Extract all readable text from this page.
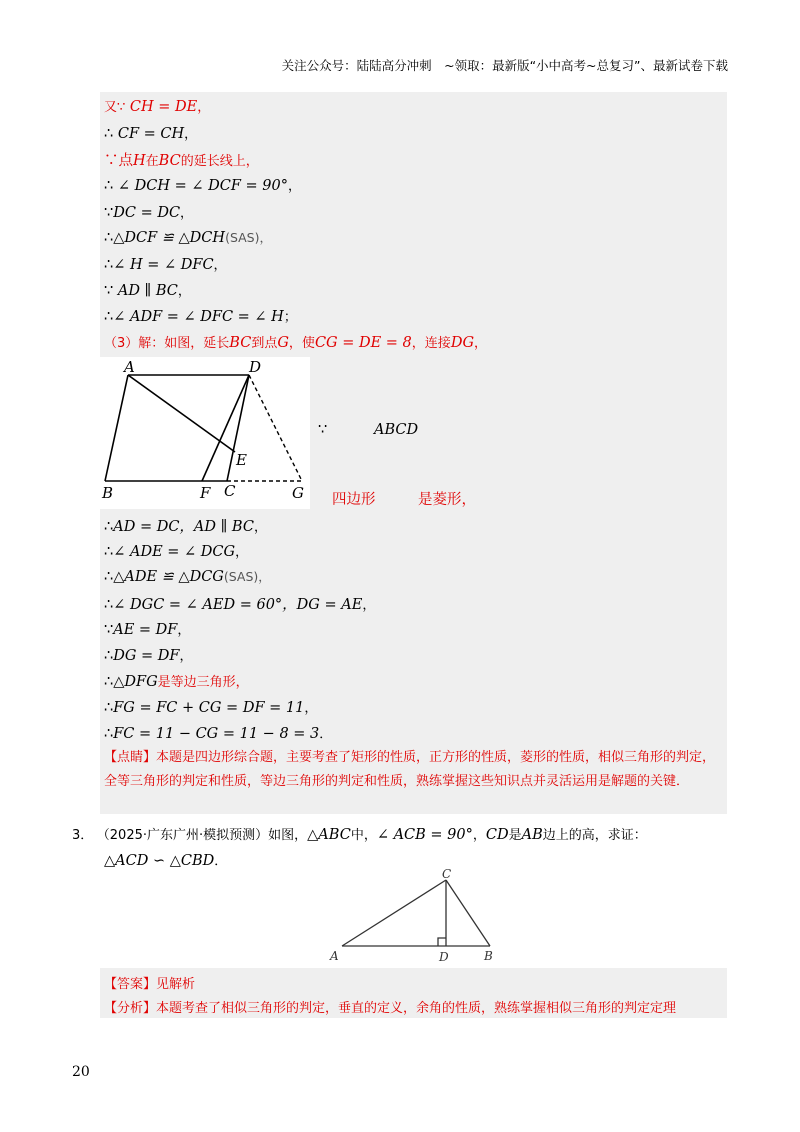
关注公众号：陆陆高分冲刺　~领取：最新版“小中高考~总复习”、最新试卷下载
又∵ CH = DE，
∴ CF = CH，
∵点H在BC的延长线上，
∴ ∠ DCH = ∠ DCF = 90°，
∵DC = DC，
∴△DCF ≌ △DCH(SAS)，
∴∠ H = ∠ DFC，
∵ AD ∥ BC，
∴∠ ADF = ∠ DFC = ∠ H；
（3）解：如图，延长BC到点G，使CG = DE = 8，连接DG，
∵	ABCD
四边形	是菱形，
∴AD = DC，AD ∥ BC，
∴∠ ADE = ∠ DCG，
∴△ADE ≌ △DCG(SAS)，
∴∠ DGC = ∠ AED = 60°，DG = AE，
∵AE = DF，
∴DG = DF，
∴△DFG是等边三角形，
∴FG = FC + CG = DF = 11，
∴FC = 11 − CG = 11 − 8 = 3．
【点睛】本题是四边形综合题，主要考查了矩形的性质，正方形的性质，菱形的性质，相似三角形的判定，全等三角形的判定和性质，等边三角形的判定和性质，熟练掌握这些知识点并灵活运用是解题的关键．
A	D
E
B	F C	G
3． （2025·广东广州·模拟预测）如图，△ABC中，∠ ACB = 90°，CD是AB边上的高，求证：
△ACD ∽ △CBD．
C
A	D	B
【答案】见解析
【分析】本题考查了相似三角形的判定，垂直的定义，余角的性质，熟练掌握相似三角形的判定定理
20
